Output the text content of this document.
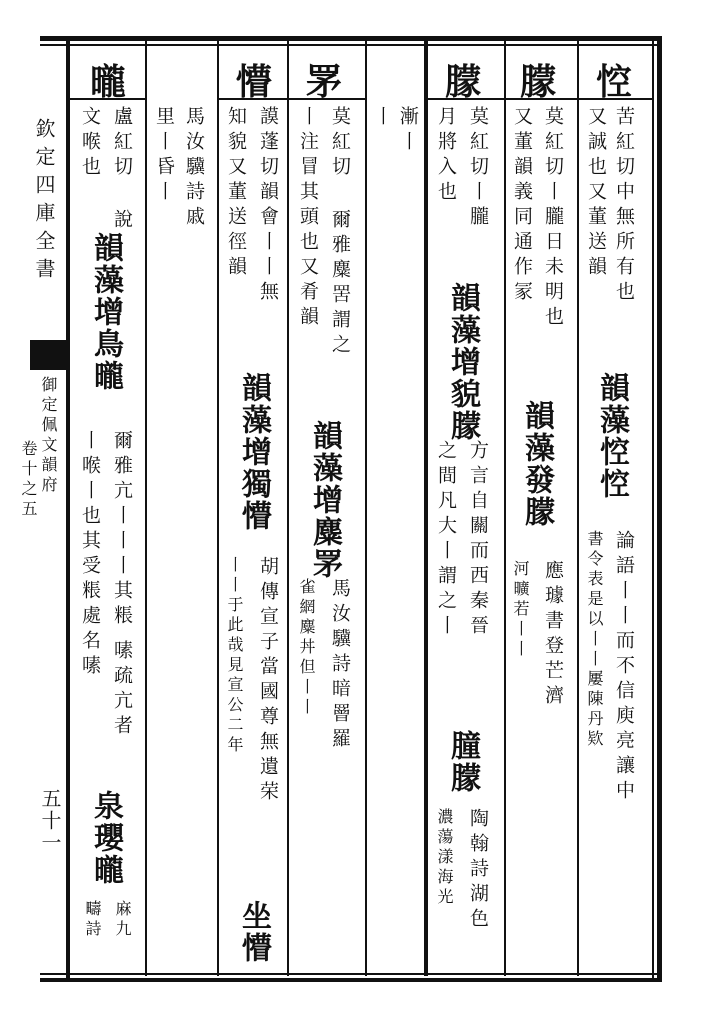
欽定四庫全書
御定佩文韻府
卷十之五
五十一
悾
苦紅切中無所有也
又誠也又董送韻
韻藻悾悾
論語丨丨而不信庾亮讓中
書令表是以丨丨屢陳丹欵
朦
莫紅切丨朧日未明也
又董韻義同通作冡
韻藻發朦
應璩書登芒濟
河曠若丨丨
朦
莫紅切丨朧
月將入也
韻藻增貌朦
方言自關而西秦晉
之間凡大丨謂之丨
朣朦
陶翰詩湖色
濃蕩漾海光
漸丨
丨
罞
莫紅切 爾雅麋罟謂之
丨注冒其頭也又肴韻
韻藻增麋罞
馬汝驥詩暗罾羅
雀網麋丼但丨丨
懵
謨蓬切韻會丨丨無
知貌又董送徑韻
韻藻增獨懵
胡傳宣子當國尊無遺荣
丨丨于此哉見宣公二年
坐懵
馬汝驥詩戚
里丨昏丨
曨
盧紅切 說
文喉也
韻藻增鳥曨
爾雅亢丨丨丨其粻
丨喉丨也其受粻處名嗉
嗉疏亢者
泉瓔曨
麻九
疇詩
